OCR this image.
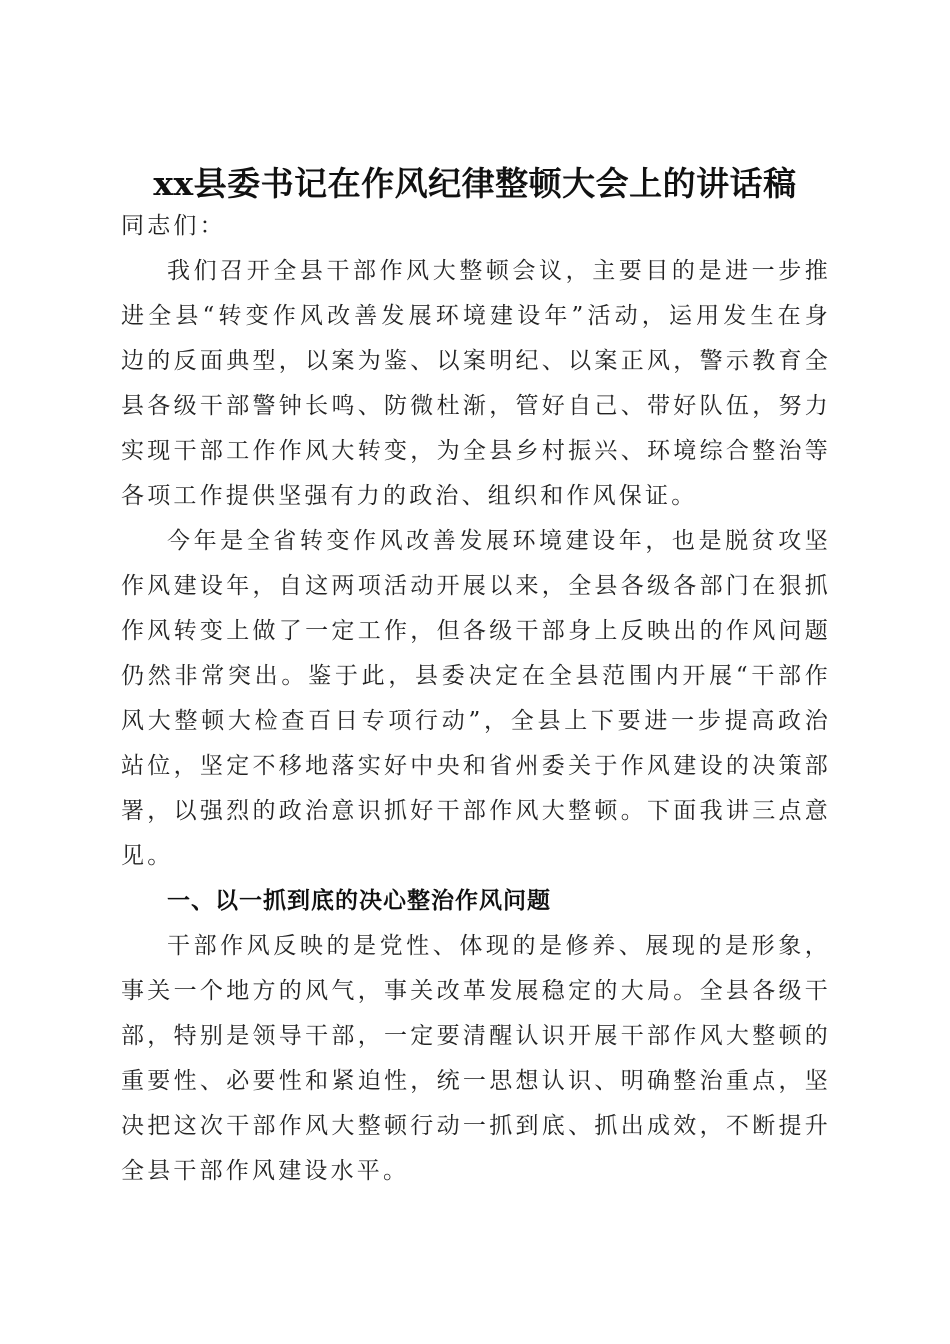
xx县委书记在作风纪律整顿大会上的讲话稿

同志们：

我们召开全县干部作风大整顿会议，主要目的是进一步推进全县“转变作风改善发展环境建设年”活动，运用发生在身边的反面典型，以案为鉴、以案明纪、以案正风，警示教育全县各级干部警钟长鸣、防微杜渐，管好自己、带好队伍，努力实现干部工作作风大转变，为全县乡村振兴、环境综合整治等各项工作提供坚强有力的政治、组织和作风保证。

今年是全省转变作风改善发展环境建设年，也是脱贫攻坚作风建设年，自这两项活动开展以来，全县各级各部门在狠抓作风转变上做了一定工作，但各级干部身上反映出的作风问题仍然非常突出。鉴于此，县委决定在全县范围内开展“干部作风大整顿大检查百日专项行动”，全县上下要进一步提高政治站位，坚定不移地落实好中央和省州委关于作风建设的决策部署，以强烈的政治意识抓好干部作风大整顿。下面我讲三点意见。

一、以一抓到底的决心整治作风问题

干部作风反映的是党性、体现的是修养、展现的是形象，事关一个地方的风气，事关改革发展稳定的大局。全县各级干部，特别是领导干部，一定要清醒认识开展干部作风大整顿的重要性、必要性和紧迫性，统一思想认识、明确整治重点，坚决把这次干部作风大整顿行动一抓到底、抓出成效，不断提升全县干部作风建设水平。
